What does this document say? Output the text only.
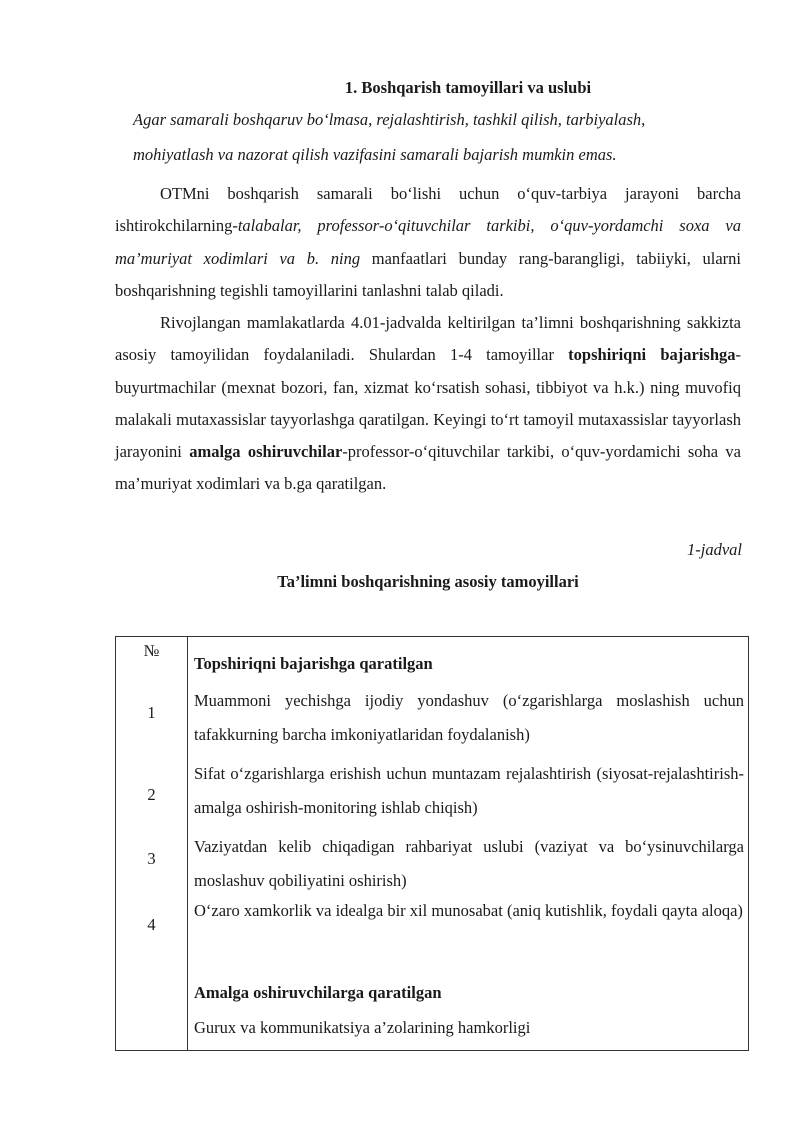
1. Boshqarish tamoyillari va uslubi
Agar samarali boshqaruv bo‘lmasa, rejalashtirish, tashkil qilish, tarbiyalash,
mohiyatlash va nazorat qilish vazifasini samarali bajarish mumkin emas.
OTMni boshqarish samarali bo‘lishi uchun o‘quv-tarbiya jarayoni barcha ishtirokchilarning-talabalar, professor-o‘qituvchilar tarkibi, o‘quv-yordamchi soxa va ma’muriyat xodimlari va b. ning manfaatlari bunday rang-barangligi, tabiiyki, ularni boshqarishning tegishli tamoyillarini tanlashni talab qiladi.
Rivojlangan mamlakatlarda 4.01-jadvalda keltirilgan ta’limni boshqarishning sakkizta asosiy tamoyilidan foydalaniladi. Shulardan 1-4 tamoyillar topshiriqni bajarishga-buyurtmachilar (mexnat bozori, fan, xizmat ko‘rsatish sohasi, tibbiyot va h.k.) ning muvofiq malakali mutaxassislar tayyorlashga qaratilgan. Keyingi to‘rt tamoyil mutaxassislar tayyorlash jarayonini amalga oshiruvchilar-professor-o‘qituvchilar tarkibi, o‘quv-yordamichi soha va ma’muriyat xodimlari va b.ga qaratilgan.
1-jadval
Ta’limni boshqarishning asosiy tamoyillari
№
Topshiriqni bajarishga qaratilgan
1
Muammoni yechishga ijodiy yondashuv (o‘zgarishlarga moslashish uchun tafakkurning barcha imkoniyatlaridan foydalanish)
2
Sifat o‘zgarishlarga erishish uchun muntazam rejalashtirish (siyosat-rejalashtirish-amalga oshirish-monitoring ishlab chiqish)
3
Vaziyatdan kelib chiqadigan rahbariyat uslubi (vaziyat va bo‘ysinuvchilarga moslashuv qobiliyatini oshirish)
4
O‘zaro xamkorlik va idealga bir xil munosabat (aniq kutishlik, foydali qayta aloqa)
Amalga oshiruvchilarga qaratilgan
Gurux va kommunikatsiya a’zolarining hamkorligi
